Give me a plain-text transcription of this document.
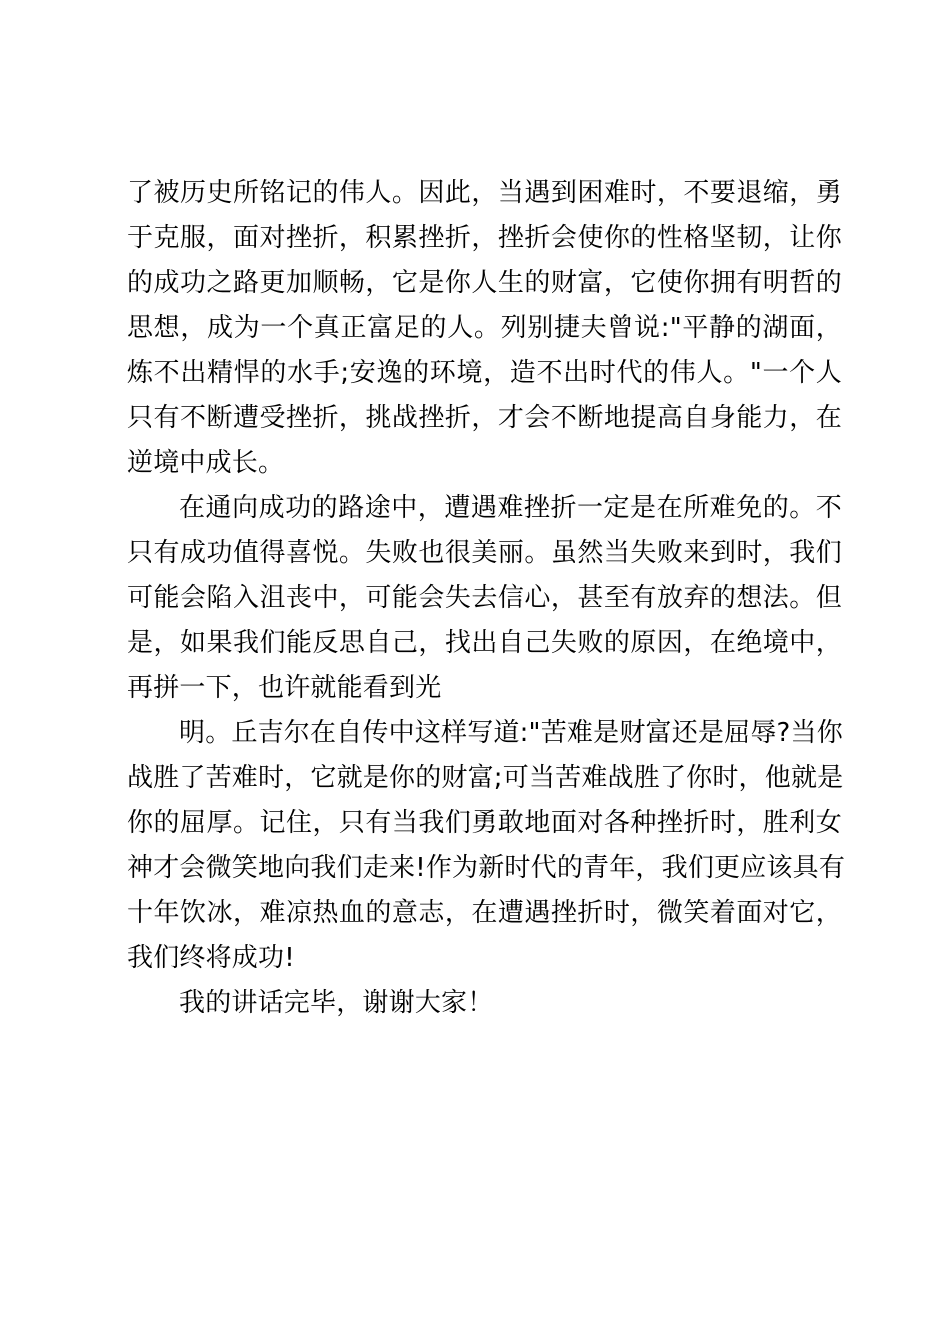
了被历史所铭记的伟人。因此，当遇到困难时，不要退缩，勇
于克服，面对挫折，积累挫折，挫折会使你的性格坚韧，让你
的成功之路更加顺畅，它是你人生的财富，它使你拥有明哲的
思想，成为一个真正富足的人。列别捷夫曾说:"平静的湖面，
炼不出精悍的水手;安逸的环境，造不出时代的伟人。"一个人
只有不断遭受挫折，挑战挫折，才会不断地提高自身能力，在
逆境中成长。
在通向成功的路途中，遭遇难挫折一定是在所难免的。不
只有成功值得喜悦。失败也很美丽。虽然当失败来到时，我们
可能会陷入沮丧中，可能会失去信心，甚至有放弃的想法。但
是，如果我们能反思自己，找出自己失败的原因，在绝境中，
再拼一下，也许就能看到光
明。丘吉尔在自传中这样写道:"苦难是财富还是屈辱?当你
战胜了苦难时，它就是你的财富;可当苦难战胜了你时，他就是
你的屈厚。记住，只有当我们勇敢地面对各种挫折时，胜利女
神才会微笑地向我们走来!作为新时代的青年，我们更应该具有
十年饮冰，难凉热血的意志，在遭遇挫折时，微笑着面对它，
我们终将成功!
我的讲话完毕，谢谢大家！
